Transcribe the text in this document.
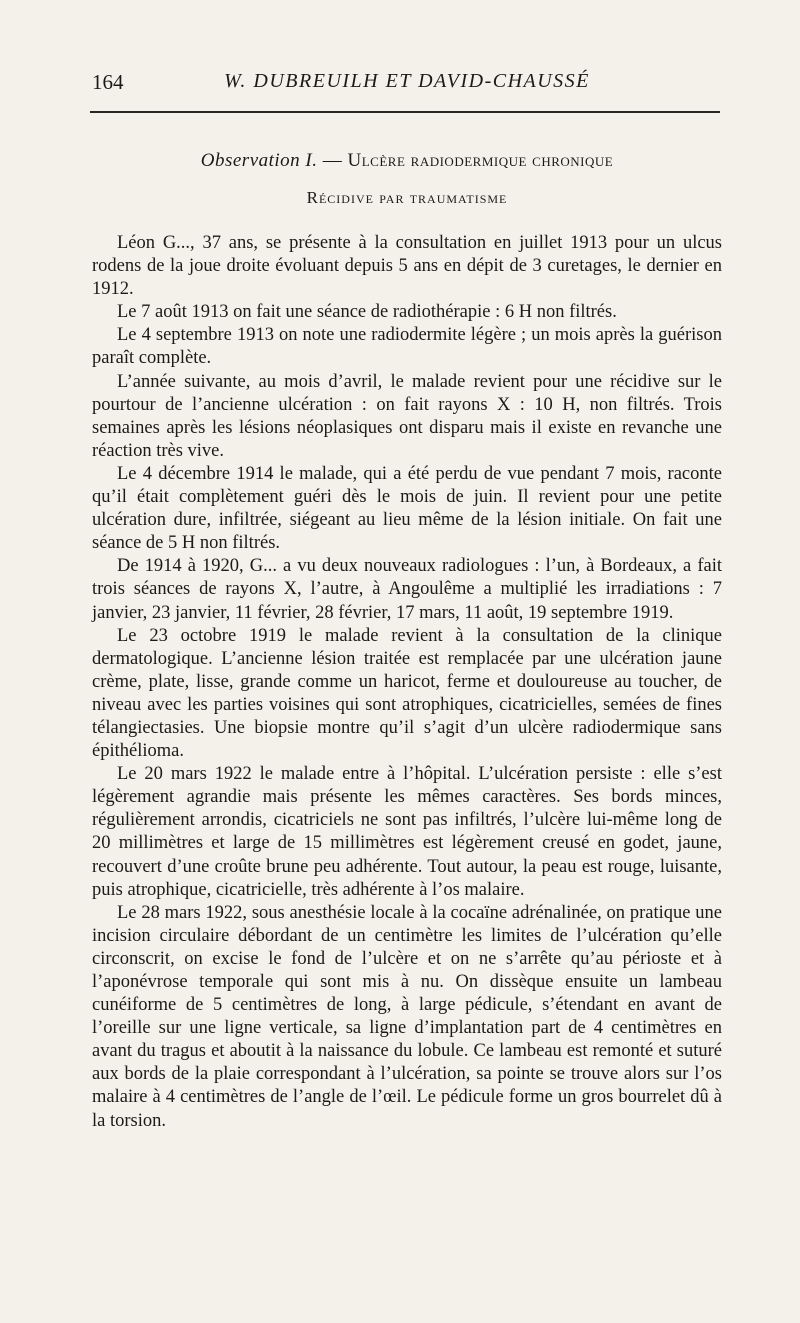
164	W. DUBREUILH ET DAVID-CHAUSSÉ
Observation I. — Ulcère radiodermique chronique
Récidive par traumatisme

Léon G..., 37 ans, se présente à la consultation en juillet 1913 pour un ulcus rodens de la joue droite évoluant depuis 5 ans en dépit de 3 curetages, le dernier en 1912.

Le 7 août 1913 on fait une séance de radiothérapie : 6 H non filtrés.

Le 4 septembre 1913 on note une radiodermite légère ; un mois après la guérison paraît complète.

L’année suivante, au mois d’avril, le malade revient pour une récidive sur le pourtour de l’ancienne ulcération : on fait rayons X : 10 H, non filtrés. Trois semaines après les lésions néoplasiques ont disparu mais il existe en revanche une réaction très vive.

Le 4 décembre 1914 le malade, qui a été perdu de vue pendant 7 mois, raconte qu’il était complètement guéri dès le mois de juin. Il revient pour une petite ulcération dure, infiltrée, siégeant au lieu même de la lésion initiale. On fait une séance de 5 H non filtrés.

De 1914 à 1920, G... a vu deux nouveaux radiologues : l’un, à Bordeaux, a fait trois séances de rayons X, l’autre, à Angoulême a multiplié les irradiations : 7 janvier, 23 janvier, 11 février, 28 février, 17 mars, 11 août, 19 septembre 1919.

Le 23 octobre 1919 le malade revient à la consultation de la clinique dermatologique. L’ancienne lésion traitée est remplacée par une ulcération jaune crème, plate, lisse, grande comme un haricot, ferme et douloureuse au toucher, de niveau avec les parties voisines qui sont atrophiques, cicatricielles, semées de fines télangiectasies. Une biopsie montre qu’il s’agit d’un ulcère radiodermique sans épithélioma.

Le 20 mars 1922 le malade entre à l’hôpital. L’ulcération persiste : elle s’est légèrement agrandie mais présente les mêmes caractères. Ses bords minces, régulièrement arrondis, cicatriciels ne sont pas infiltrés, l’ulcère lui-même long de 20 millimètres et large de 15 millimètres est légèrement creusé en godet, jaune, recouvert d’une croûte brune peu adhérente. Tout autour, la peau est rouge, luisante, puis atrophique, cicatricielle, très adhérente à l’os malaire.

Le 28 mars 1922, sous anesthésie locale à la cocaïne adrénalinée, on pratique une incision circulaire débordant de un centimètre les limites de l’ulcération qu’elle circonscrit, on excise le fond de l’ulcère et on ne s’arrête qu’au périoste et à l’aponévrose temporale qui sont mis à nu. On dissèque ensuite un lambeau cunéiforme de 5 centimètres de long, à large pédicule, s’étendant en avant de l’oreille sur une ligne verticale, sa ligne d’implantation part de 4 centimètres en avant du tragus et aboutit à la naissance du lobule. Ce lambeau est remonté et suturé aux bords de la plaie correspondant à l’ulcération, sa pointe se trouve alors sur l’os malaire à 4 centimètres de l’angle de l’œil. Le pédicule forme un gros bourrelet dû à la torsion.
